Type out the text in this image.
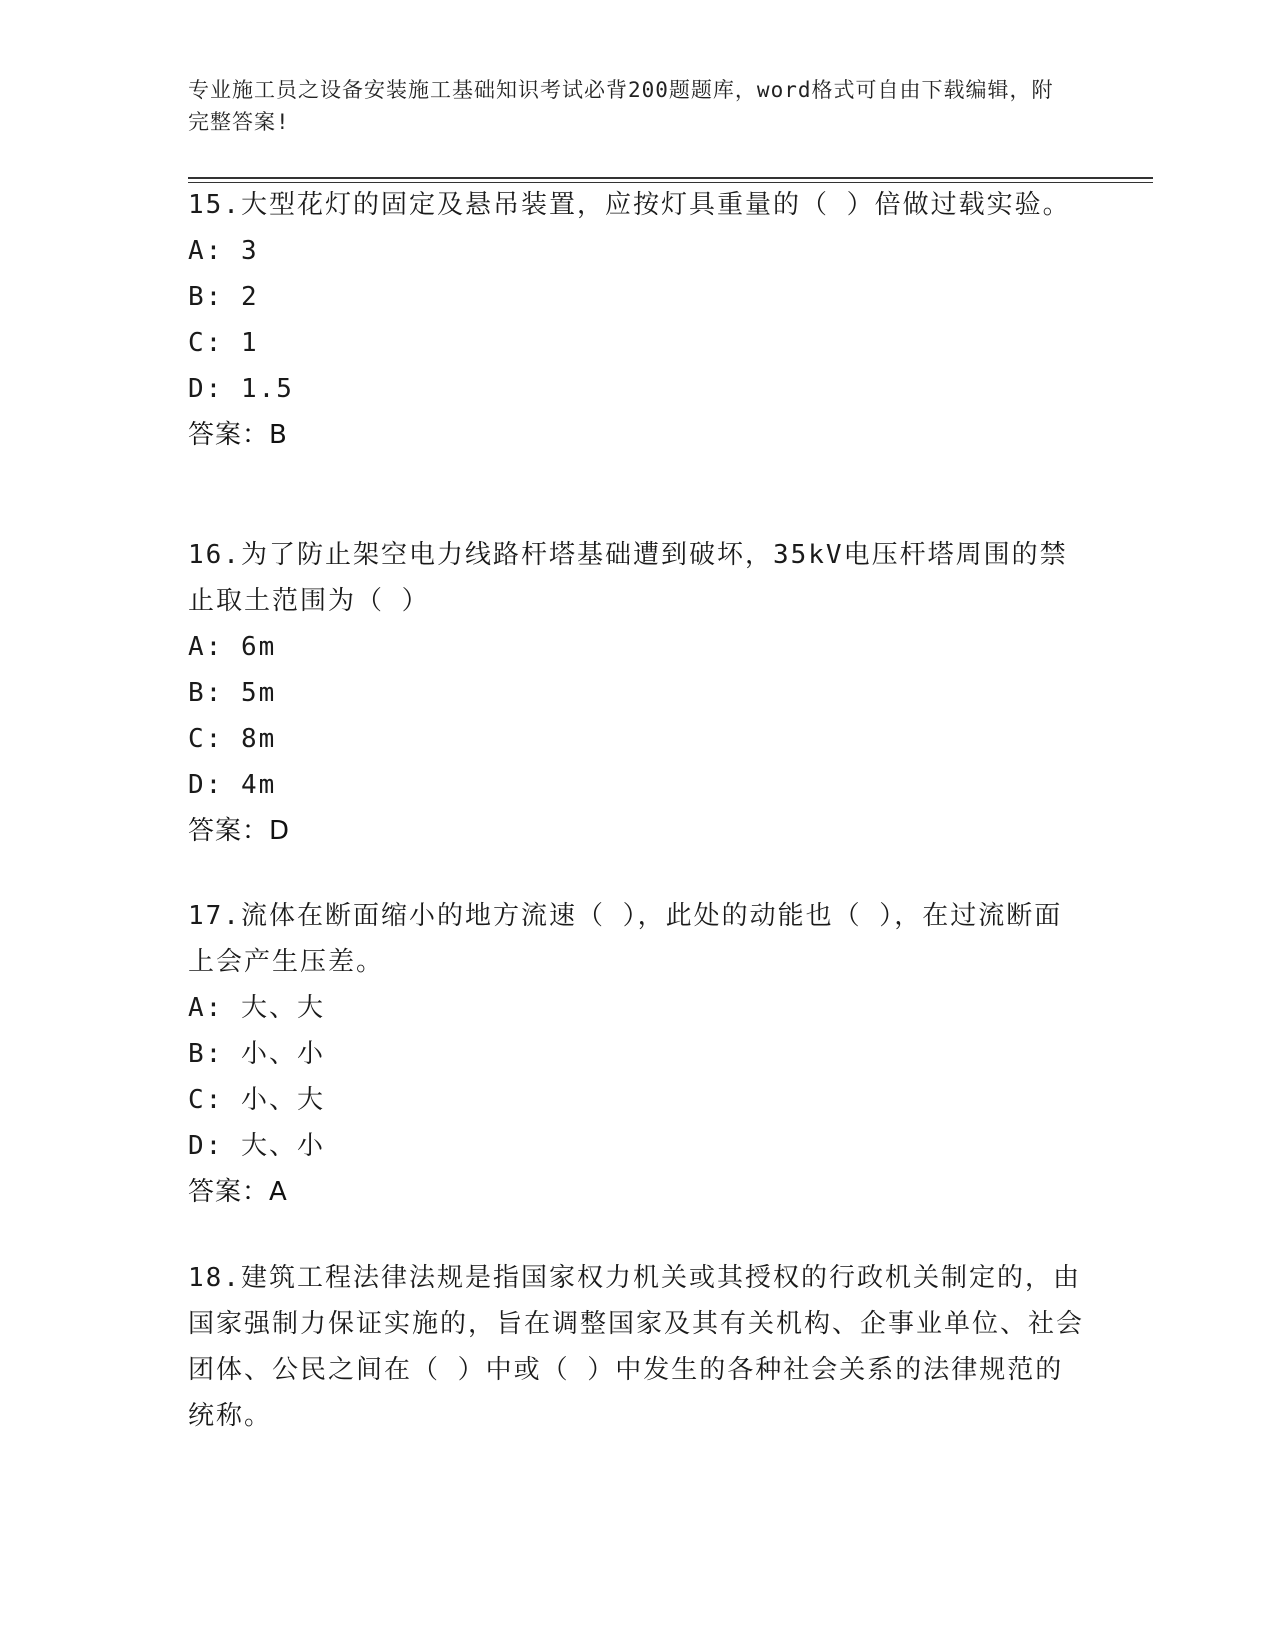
专业施工员之设备安装施工基础知识考试必背200题题库，word格式可自由下载编辑，附完整答案!

15.大型花灯的固定及悬吊装置，应按灯具重量的（ ）倍做过载实验。

A: 3

B: 2

C: 1

D: 1.5

答案：B

16.为了防止架空电力线路杆塔基础遭到破坏，35kV电压杆塔周围的禁止取土范围为（ ）

A: 6m

B: 5m

C: 8m

D: 4m

答案：D

17.流体在断面缩小的地方流速（ ），此处的动能也（ ），在过流断面上会产生压差。

A: 大、大

B: 小、小

C: 小、大

D: 大、小

答案：A

18.建筑工程法律法规是指国家权力机关或其授权的行政机关制定的，由国家强制力保证实施的，旨在调整国家及其有关机构、企事业单位、社会团体、公民之间在（ ）中或（ ）中发生的各种社会关系的法律规范的统称。
